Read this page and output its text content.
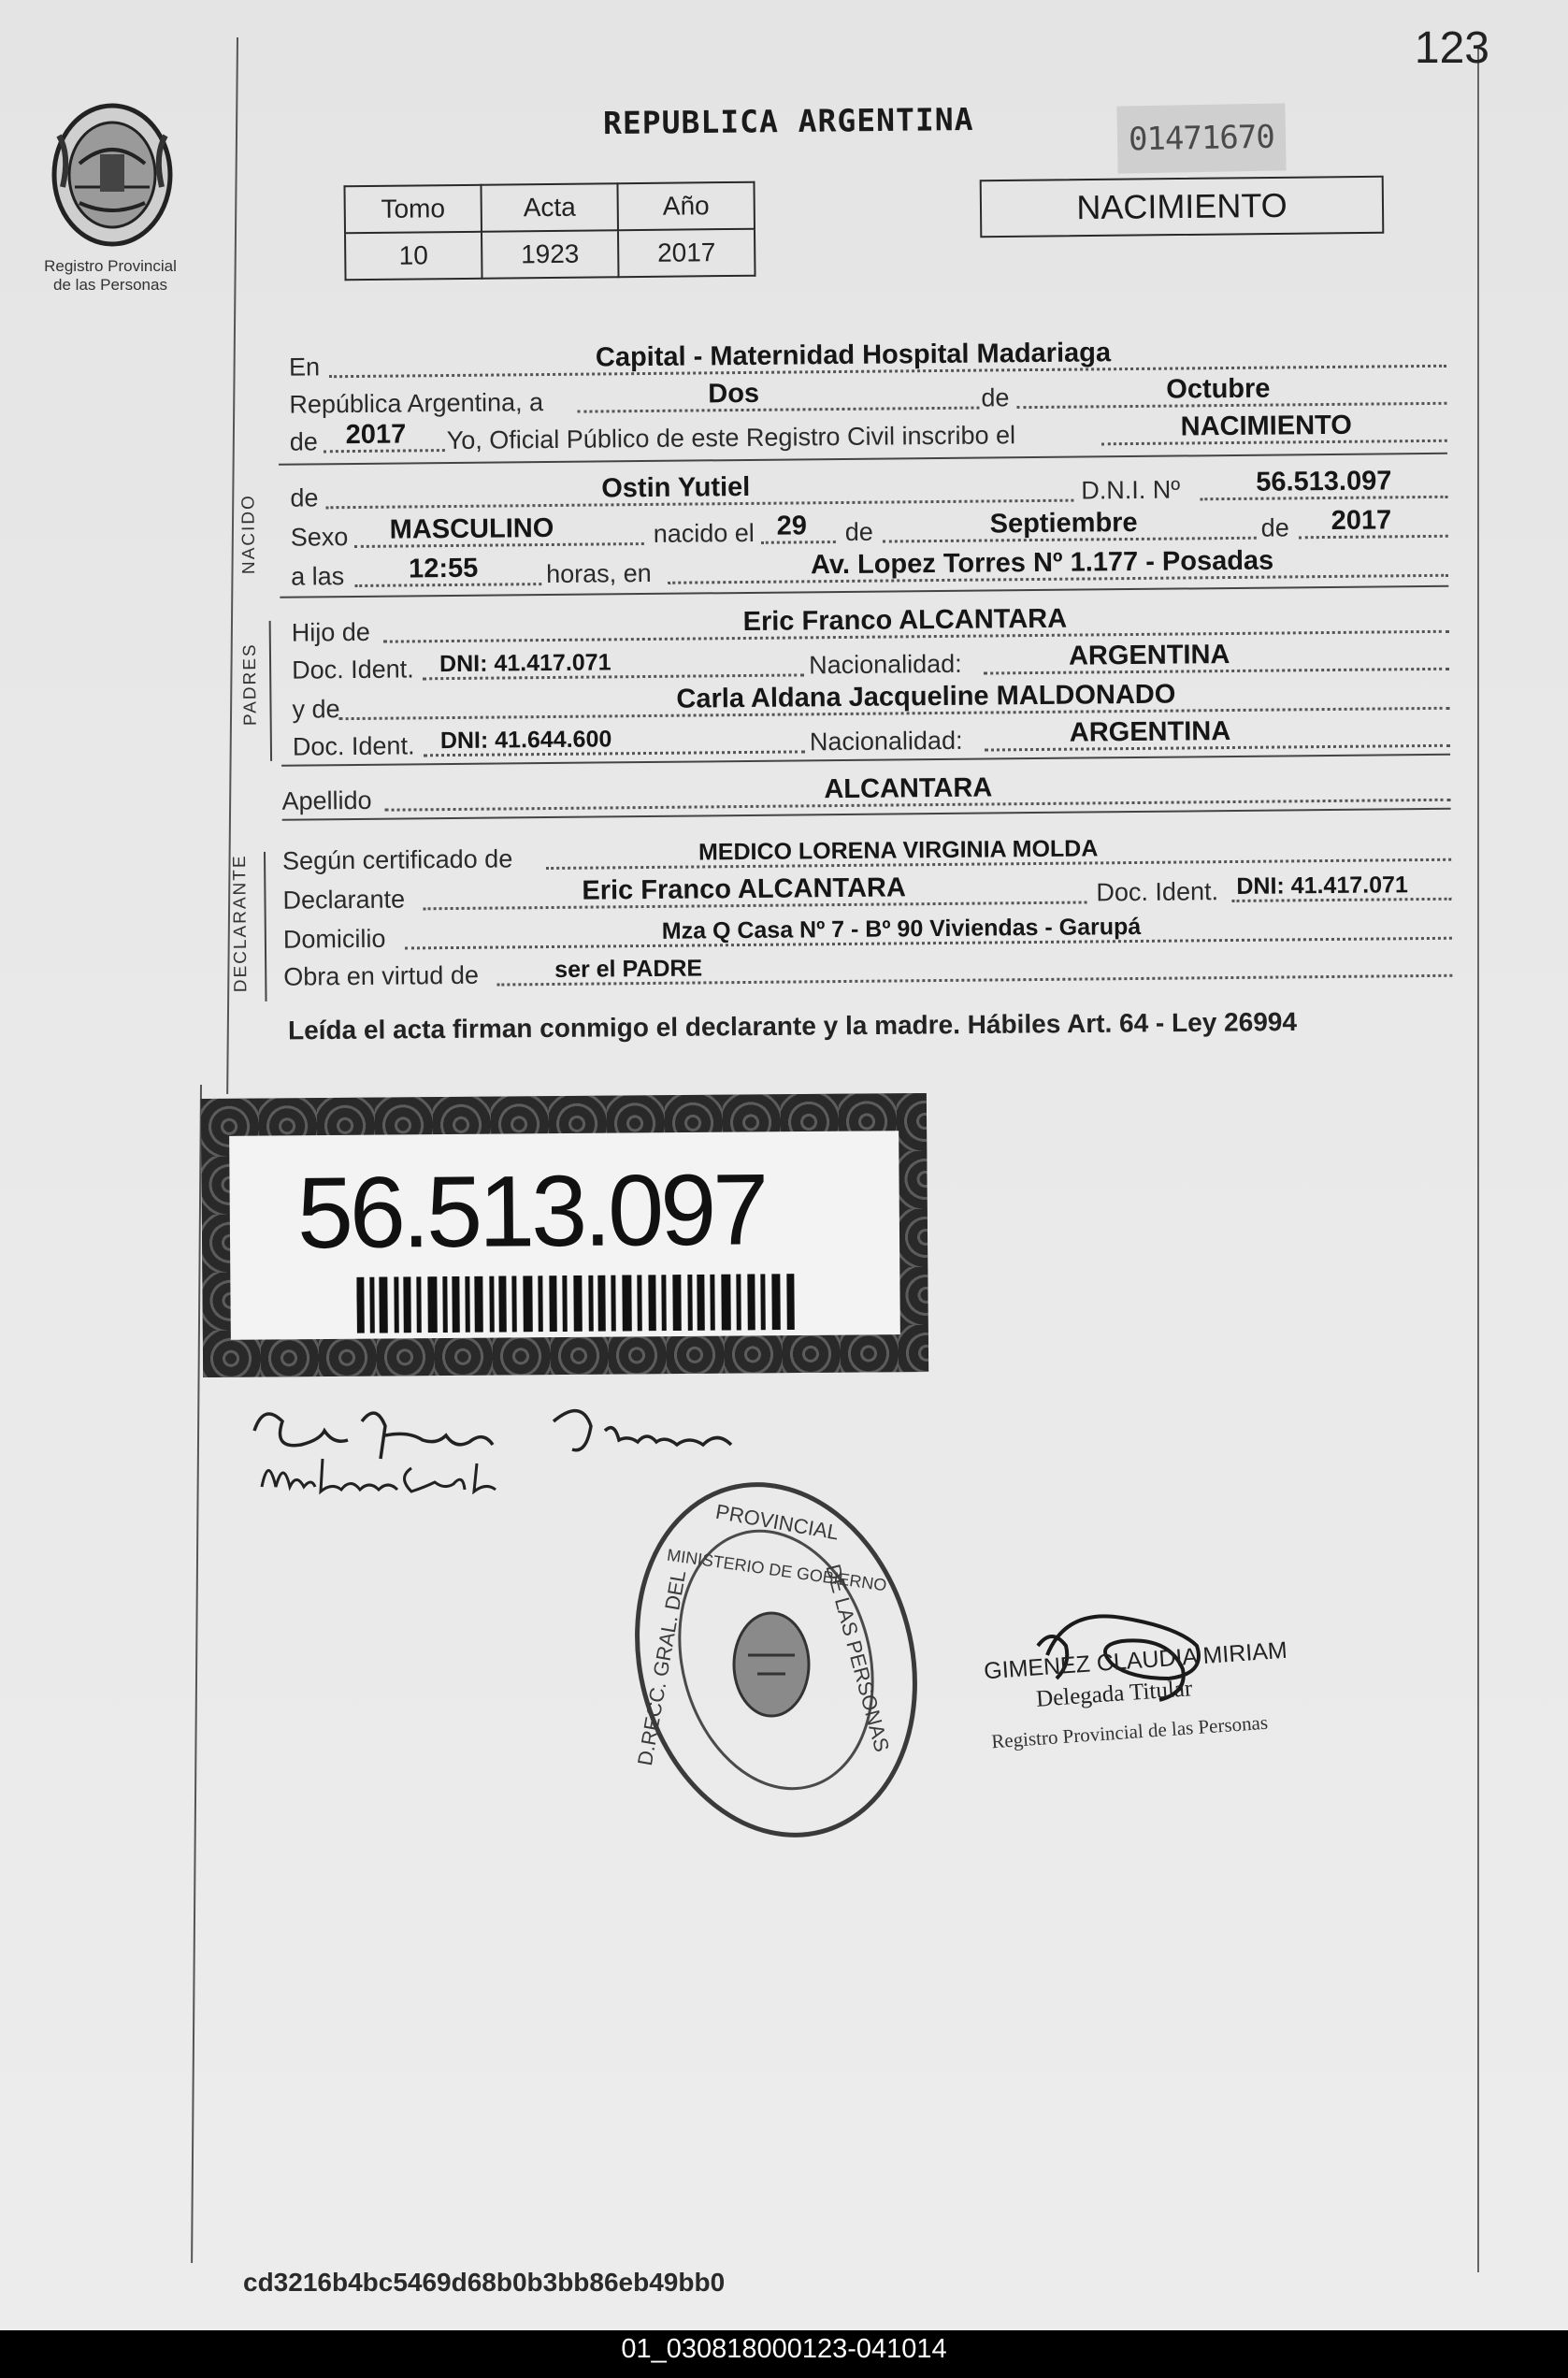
123
Registro Provincial
de las Personas
REPUBLICA ARGENTINA	01471670
Tomo	Acta	Año
10	1923	2017
NACIMIENTO
En	Capital - Maternidad Hospital Madariaga
República Argentina, a	Dos	de	Octubre
de 2017 Yo, Oficial Público de este Registro Civil inscribo el	NACIMIENTO
NACIDO de	Ostin Yutiel	D.N.I. Nº	56.513.097
Sexo MASCULINO	nacido el 29 de	Septiembre	de 2017
a las 12:55	horas, en	Av. Lopez Torres Nº 1.177 - Posadas
PADRES
Hijo de	Eric Franco ALCANTARA
Doc. Ident. DNI: 41.417.071	Nacionalidad:	ARGENTINA
y de	Carla Aldana Jacqueline MALDONADO
Doc. Ident. DNI: 41.644.600	Nacionalidad:	ARGENTINA
Apellido	ALCANTARA
DECLARANTE Según certificado de	MEDICO LORENA VIRGINIA MOLDA
Declarante	Eric Franco ALCANTARA	Doc. Ident. DNI: 41.417.071
Domicilio	Mza Q Casa Nº 7 - Bº 90 Viviendas - Garupá
Obra en virtud de	ser el PADRE
Leída el acta firman conmigo el declarante y la madre. Hábiles Art. 64 - Ley 26994
56.513.097
PROVINCIAL
DE LAS PERSONAS
D.RECC. GRAL. DEL
MINISTERIO DE GOBIERNO
GIMENEZ CLAUDIA MIRIAM
Delegada Titular
Registro Provincial de las Personas
cd3216b4bc5469d68b0b3bb86eb49bb0
01_030818000123-041014
